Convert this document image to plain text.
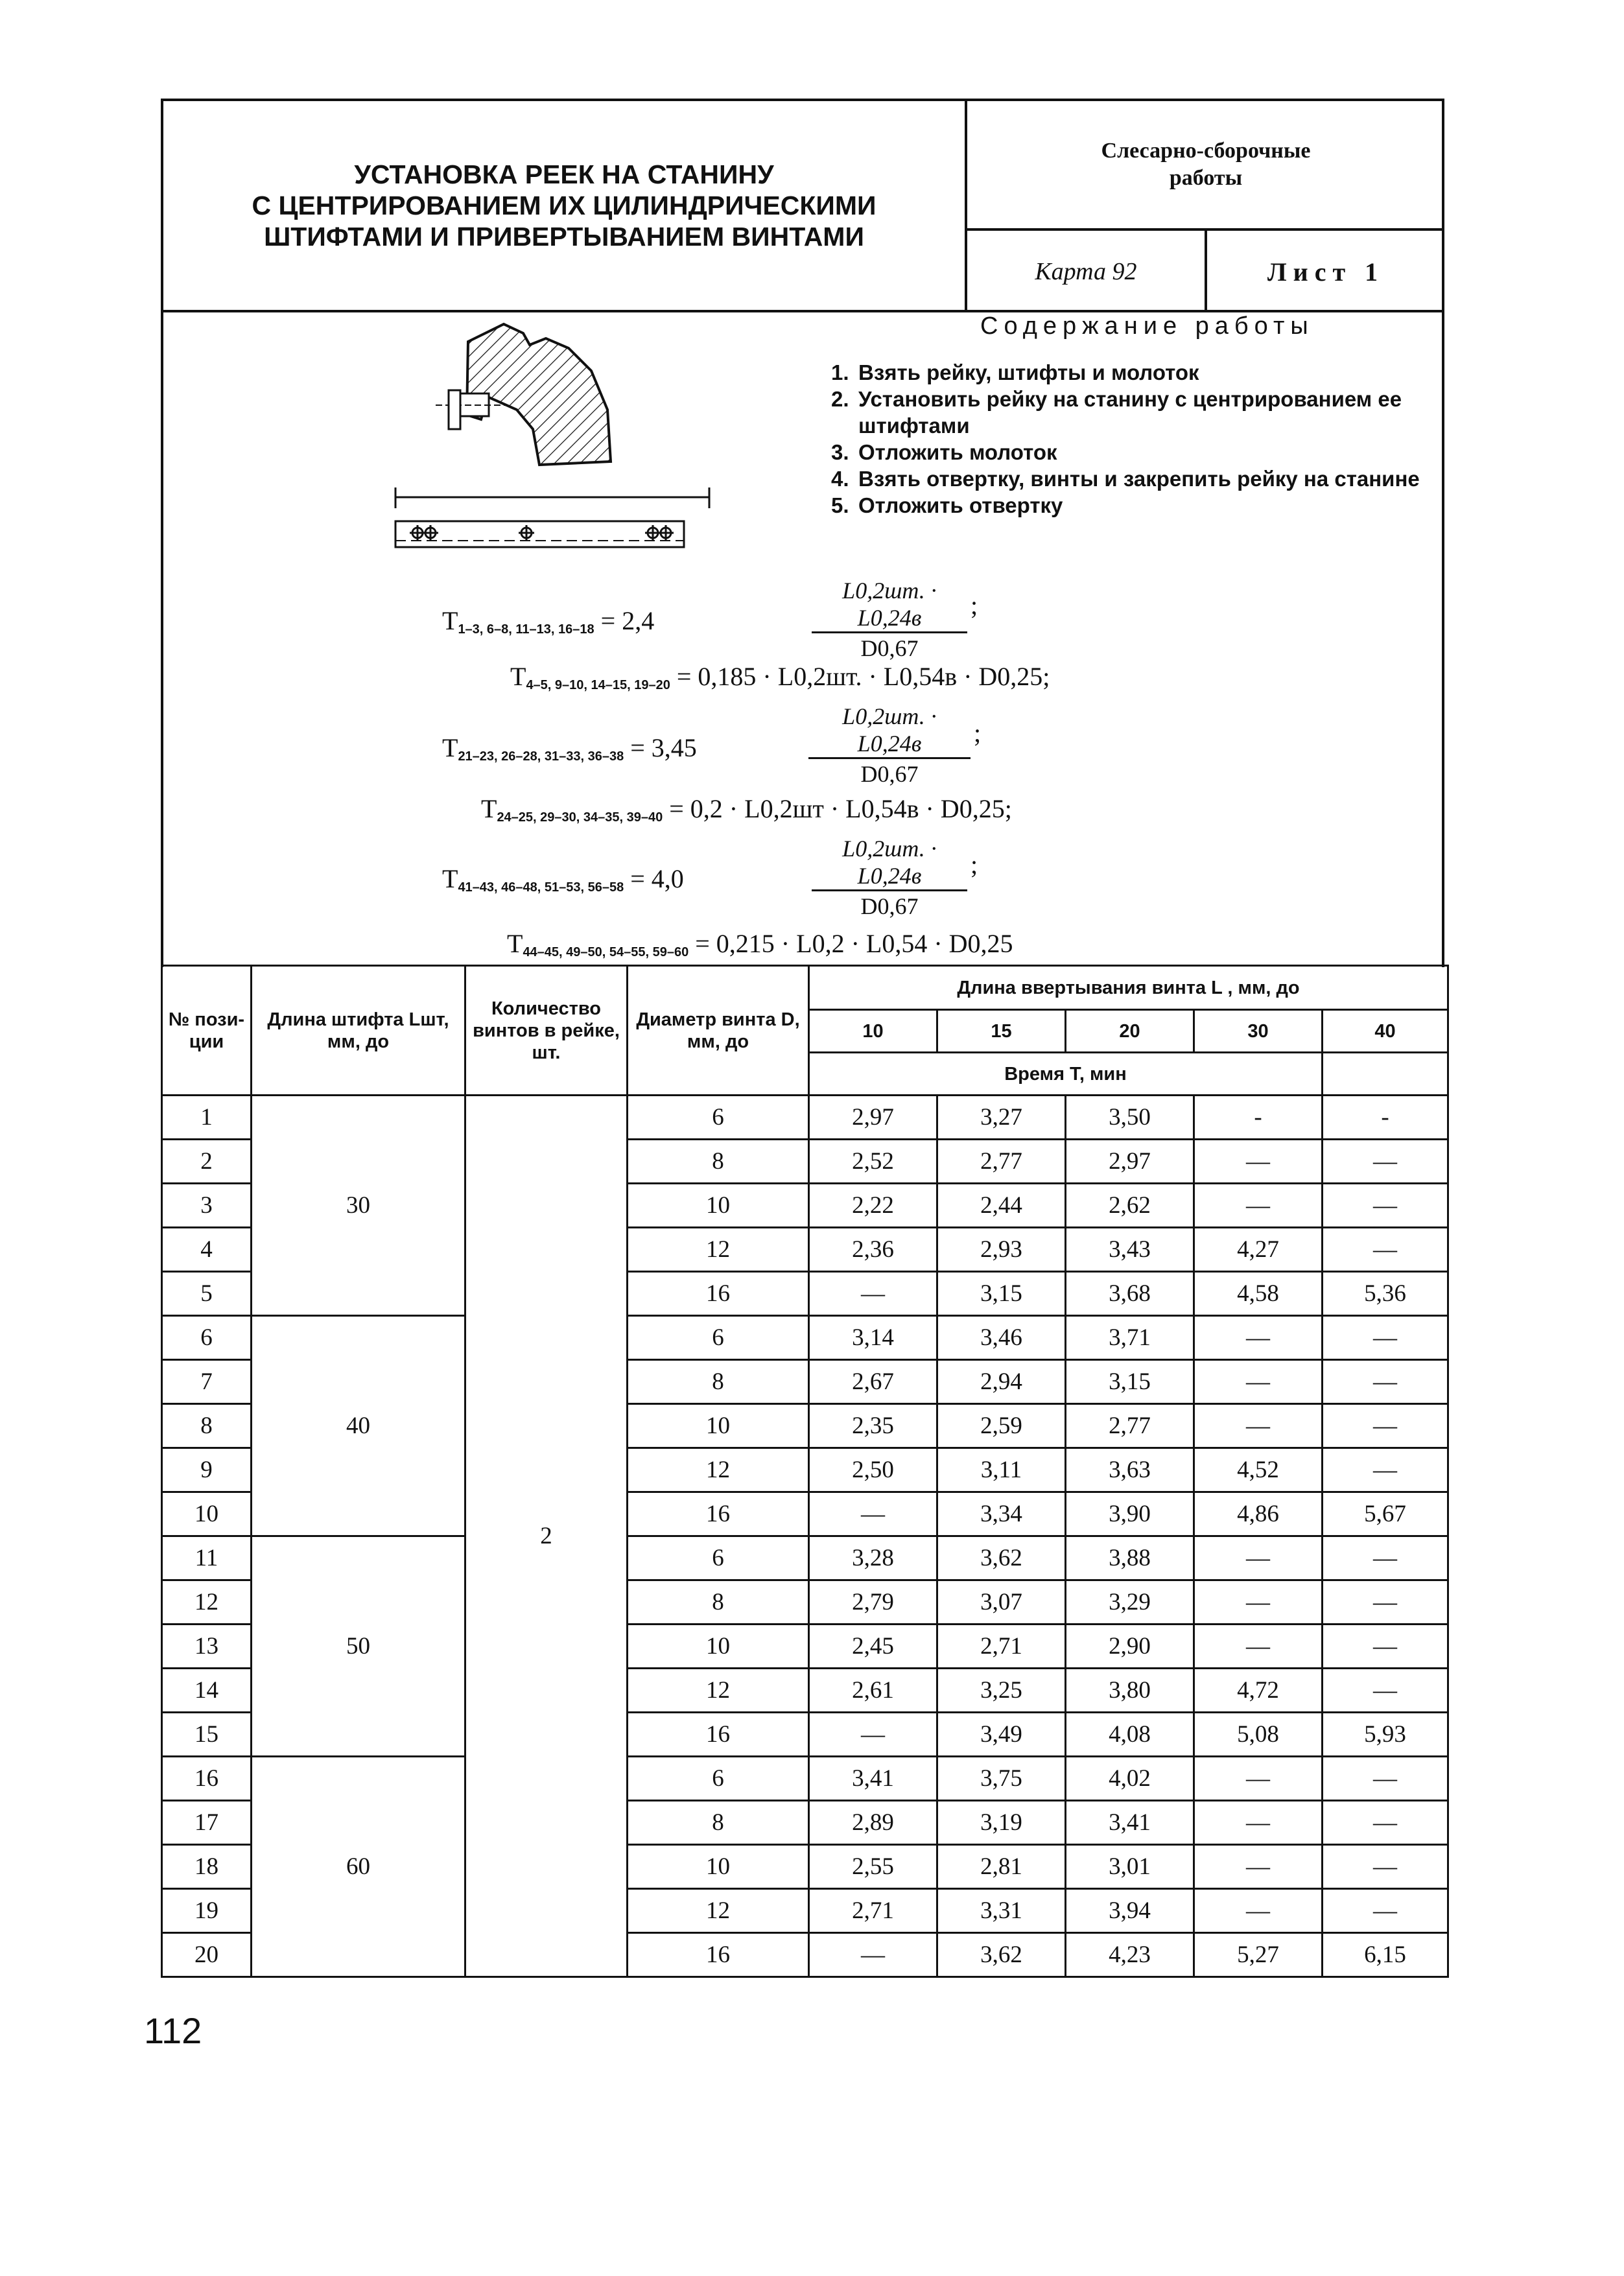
УСТАНОВКА РЕЕК НА СТАНИНУ
С ЦЕНТРИРОВАНИЕМ ИХ ЦИЛИНДРИЧЕСКИМИ
ШТИФТАМИ И ПРИВЕРТЫВАНИЕМ ВИНТАМИ
Слесарно-сборочные
работы
Карта 92	Лист 1
Содержание работы
1. Взять рейку, штифты и молоток
2. Установить рейку на станину с центрированием ее штифтами
3. Отложить молоток
4. Взять отвертку, винты и закрепить рейку на станине
5. Отложить отвертку
$T_{1-3, 6-8, 11-13, 16-18} = 2,4$
L0,2шт. · L0,24в
D0,67
;
$T_{4-5, 9-10, 14-15, 19-20} = 0,185 \cdot L0,2шт$. · L0,54в · D0,25;
$T_{21-23, 26-28, 31-33, 36-38} = 3,45$
L0,2шт. · L0,24в
D0,67
;
$T_{24-25, 29-30, 34-35, 39-40} = 0,2 \cdot L0,2шт \cdot L0,54в \cdot D0,25$;
$T_{41-43, 46-48, 51-53, 56-58} = 4,0$
L0,2шт. · L0,24в
D0,67
;
$T_{44-45, 49-50, 54-55, 59-60} = 0,215 \cdot L0,2 \cdot L0,54 \cdot D0,25$
№ пози- ции	Длина штифта Lшт, мм, до	Количество винтов в рейке, шт.	Диаметр винта D, мм, до	Длина ввертывания винта L , мм, до				
				10	15	20	30	40
				Время Т, мин				
1	30	2	6	2,97	3,27	3,50	-	-
2			8	2,52	2,77	2,97	—	—
3			10	2,22	2,44	2,62	—	—
4			12	2,36	2,93	3,43	4,27	—
5			16	—	3,15	3,68	4,58	5,36
6	40		6	3,14	3,46	3,71	—	—
7			8	2,67	2,94	3,15	—	—
8			10	2,35	2,59	2,77	—	—
9			12	2,50	3,11	3,63	4,52	—
10			16	—	3,34	3,90	4,86	5,67
11	50		6	3,28	3,62	3,88	—	—
12			8	2,79	3,07	3,29	—	—
13			10	2,45	2,71	2,90	—	—
14			12	2,61	3,25	3,80	4,72	—
15			16	—	3,49	4,08	5,08	5,93
16	60		6	3,41	3,75	4,02	—	—
17			8	2,89	3,19	3,41	—	—
18			10	2,55	2,81	3,01	—	—
19			12	2,71	3,31	3,94	—	—
20			16	—	3,62	4,23	5,27	6,15
112
